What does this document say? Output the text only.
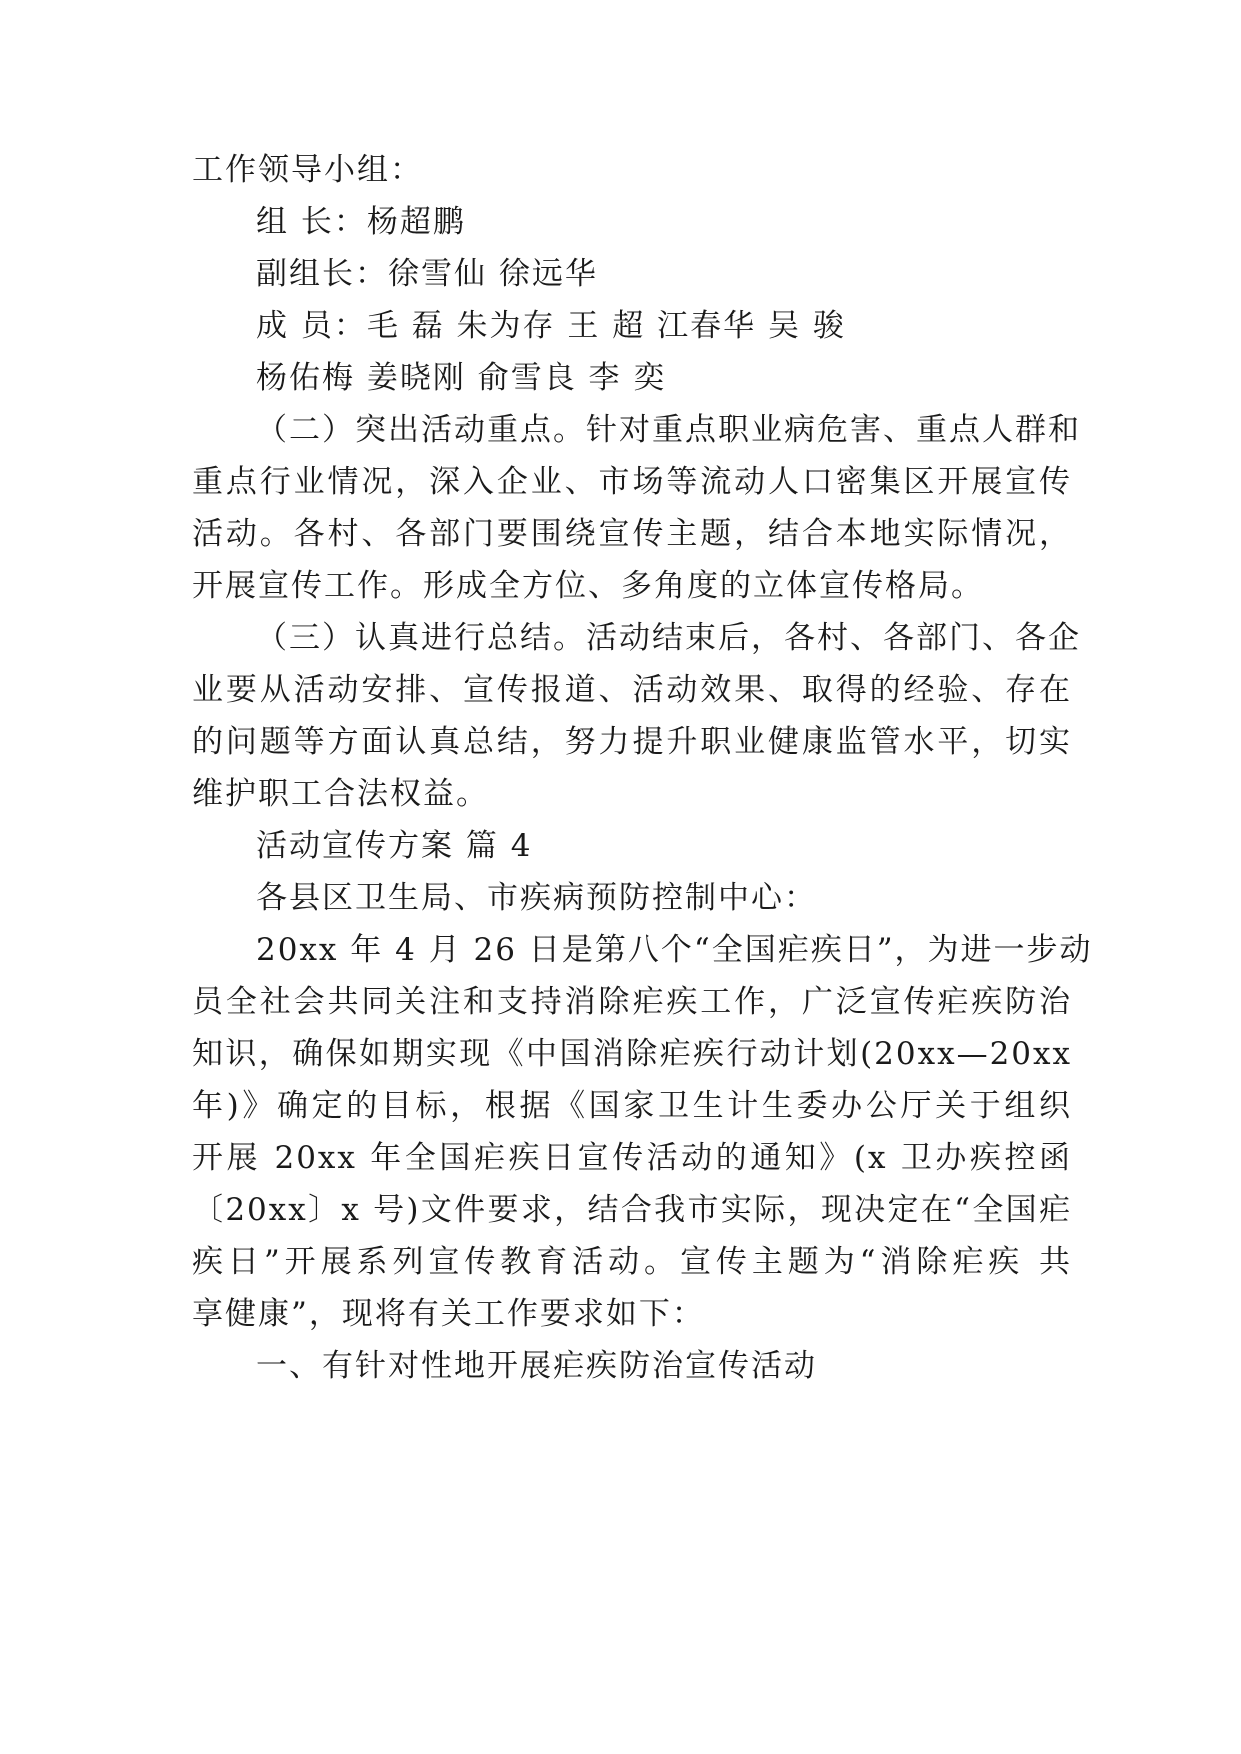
工作领导小组：

组 长：杨超鹏

副组长：徐雪仙 徐远华

成 员：毛 磊 朱为存 王 超 江春华 吴 骏

杨佑梅 姜晓刚 俞雪良 李 奕

（二）突出活动重点。针对重点职业病危害、重点人群和

重点行业情况，深入企业、市场等流动人口密集区开展宣传

活动。各村、各部门要围绕宣传主题，结合本地实际情况，

开展宣传工作。形成全方位、多角度的立体宣传格局。

（三）认真进行总结。活动结束后，各村、各部门、各企

业要从活动安排、宣传报道、活动效果、取得的经验、存在

的问题等方面认真总结，努力提升职业健康监管水平，切实

维护职工合法权益。

活动宣传方案 篇 4

各县区卫生局、市疾病预防控制中心：

20xx 年 4 月 26 日是第八个“全国疟疾日”，为进一步动

员全社会共同关注和支持消除疟疾工作，广泛宣传疟疾防治

知识，确保如期实现《中国消除疟疾行动计划(20xx—20xx

年)》确定的目标，根据《国家卫生计生委办公厅关于组织

开展 20xx 年全国疟疾日宣传活动的通知》(x 卫办疾控函

〔20xx〕x 号)文件要求，结合我市实际，现决定在“全国疟

疾日”开展系列宣传教育活动。宣传主题为“消除疟疾 共

享健康”，现将有关工作要求如下：

一、有针对性地开展疟疾防治宣传活动
